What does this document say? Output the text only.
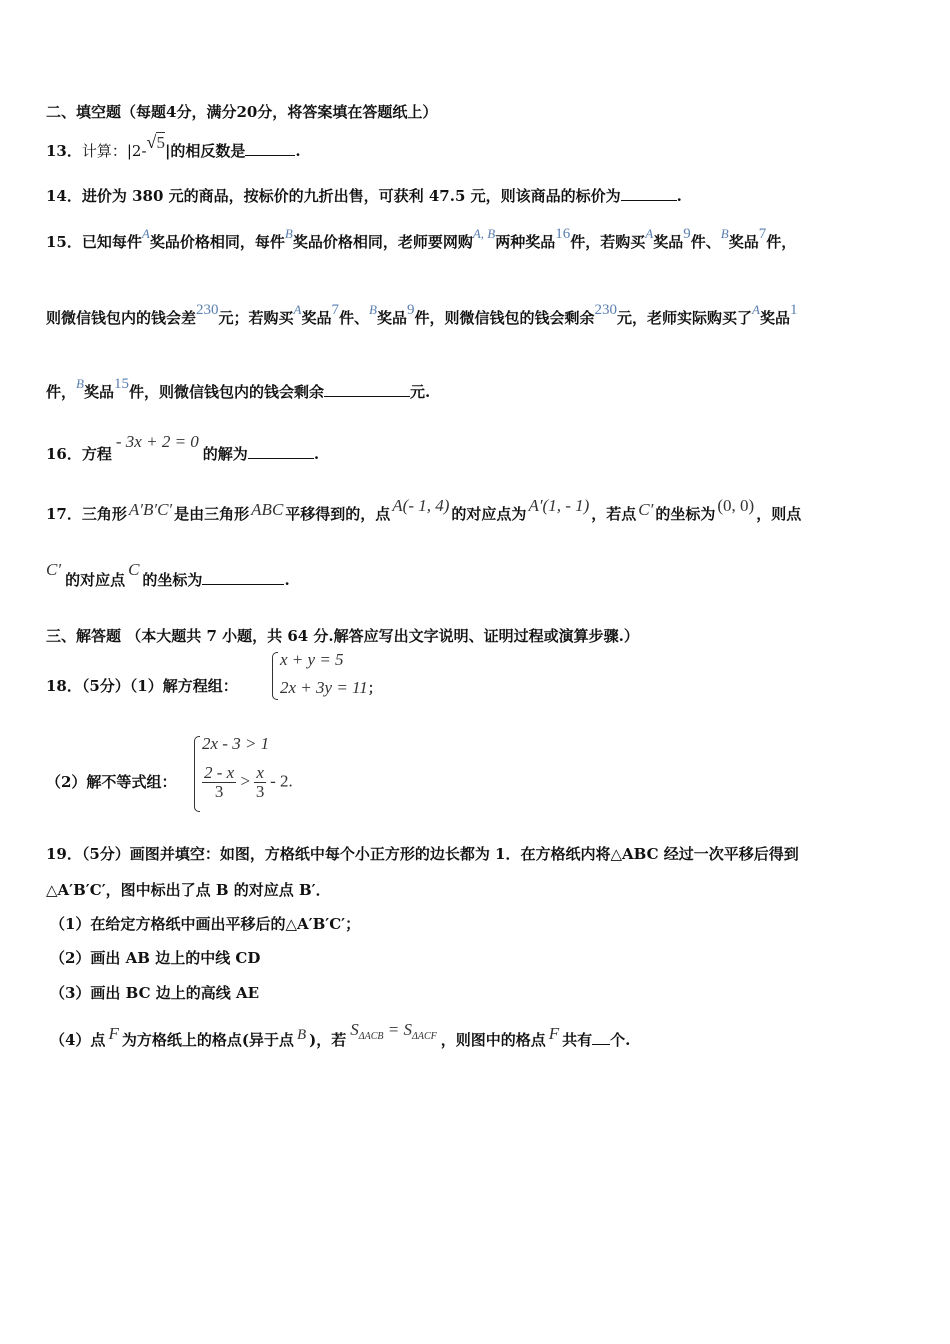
二、填空题（每题4分，满分20分，将答案填在答题纸上）
13．计算：|2-√5|的相反数是	.
14．进价为 380 元的商品，按标价的九折出售，可获利 47.5 元，则该商品的标价为	.
15．已知每件A奖品价格相同，每件B奖品价格相同，老师要网购A, B两种奖品16件，若购买A奖品9件、B奖品7件，
则微信钱包内的钱会差230元；若购买A奖品7件、B奖品9件，则微信钱包的钱会剩余230元，老师实际购买了A奖品1
件，B奖品15件，则微信钱包内的钱会剩余	元.
16．方程- 3x + 2 = 0的解为	.
17．三角形 A′B′C′ 是由三角形 ABC 平移得到的，点 A(- 1, 4) 的对应点为 A′(1, - 1) ，若点 C′ 的坐标为 (0, 0) ，则点
C′的对应点C的坐标为	.
三、解答题 （本大题共 7 小题，共 64 分.解答应写出文字说明、证明过程或演算步骤.）
18．（5分）（1）解方程组：
x + y = 5
2x + 3y = 11；
（2）解不等式组：
2x - 3 > 1
$\frac{2 - x}{3} > \frac{x}{3} - 2$.
19．（5分）画图并填空：如图，方格纸中每个小正方形的边长都为 1．在方格纸内将△ABC 经过一次平移后得到
△A′B′C′，图中标出了点 B 的对应点 B′．
（1）在给定方格纸中画出平移后的△A′B′C′；
（2）画出 AB 边上的中线 CD
（3）画出 BC 边上的高线 AE
（4）点 F 为方格纸上的格点(异于点 B )，若$S_{\Delta ACB} = S_{\Delta ACF}$ ，则图中的格点 F 共有 个.
